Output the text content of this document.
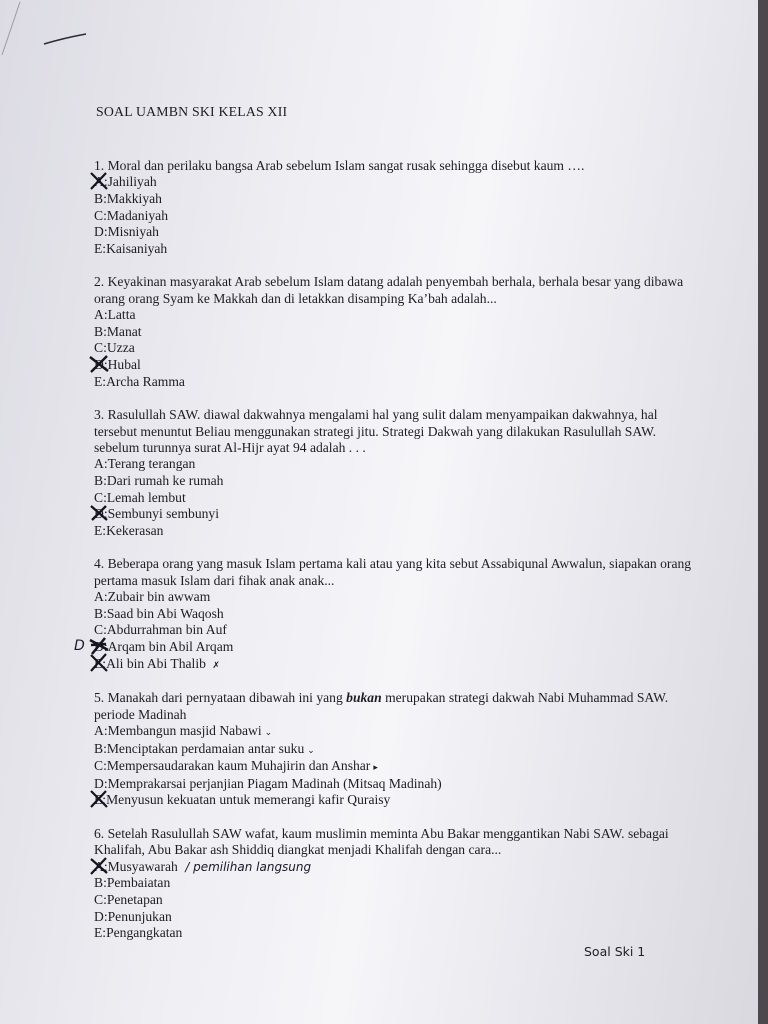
SOAL UAMBN SKI KELAS XII

1. Moral dan perilaku bangsa Arab sebelum Islam sangat rusak sehingga disebut kaum ….

A:Jahiliyah
B:Makkiyah
C:Madaniyah
D:Misniyah
E:Kaisaniyah

2. Keyakinan masyarakat Arab sebelum Islam datang adalah penyembah berhala, berhala besar yang dibawa orang orang Syam ke Makkah dan di letakkan disamping Ka’bah adalah...

A:Latta
B:Manat
C:Uzza
D:Hubal
E:Archa Ramma

3. Rasulullah SAW. diawal dakwahnya mengalami hal yang sulit dalam menyampaikan dakwahnya, hal tersebut menuntut Beliau menggunakan strategi jitu. Strategi Dakwah yang dilakukan Rasulullah SAW. sebelum turunnya surat Al-Hijr ayat 94 adalah . . .

A:Terang terangan
B:Dari rumah ke rumah
C:Lemah lembut
D:Sembunyi sembunyi
E:Kekerasan

4. Beberapa orang yang masuk Islam pertama kali atau yang kita sebut Assabiqunal Awwalun, siapakan orang pertama masuk Islam dari fihak anak anak...

A:Zubair bin awwam
B:Saad bin Abi Waqosh
C:Abdurrahman bin Auf
D D:Arqam bin Abil Arqam
E:Ali bin Abi Thalib ✗

5. Manakah dari pernyataan dibawah ini yang bukan merupakan strategi dakwah Nabi Muhammad SAW. periode Madinah

A:Membangun masjid Nabawi ⌄
B:Menciptakan perdamaian antar suku ⌄
C:Mempersaudarakan kaum Muhajirin dan Anshar ▸
D:Memprakarsai perjanjian Piagam Madinah (Mitsaq Madinah)
E:Menyusun kekuatan untuk memerangi kafir Quraisy

6. Setelah Rasulullah SAW wafat, kaum muslimin meminta Abu Bakar menggantikan Nabi SAW. sebagai Khalifah, Abu Bakar ash Shiddiq diangkat menjadi Khalifah dengan cara...

A:Musyawarah / pemilihan langsung
B:Pembaiatan
C:Penetapan
D:Penunjukan
E:Pengangkatan
Soal Ski 1
